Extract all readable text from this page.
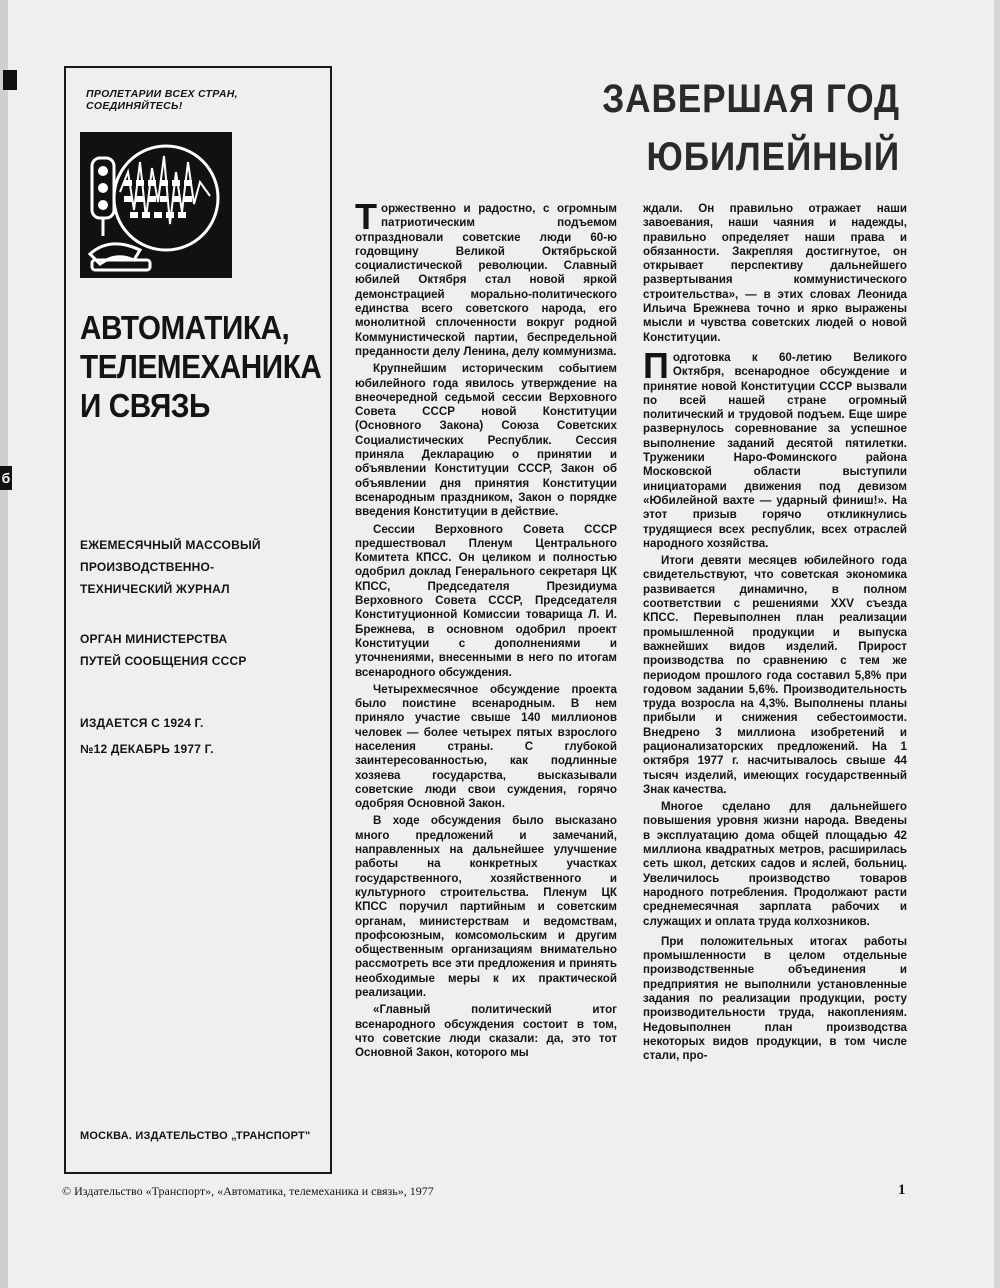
б
ПРОЛЕТАРИИ ВСЕХ СТРАН, СОЕДИНЯЙТЕСЬ!
АВТОМАТИКА,
ТЕЛЕМЕХАНИКА
И СВЯЗЬ
ЕЖЕМЕСЯЧНЫЙ МАССОВЫЙ
ПРОИЗВОДСТВЕННО-
ТЕХНИЧЕСКИЙ ЖУРНАЛ
ОРГАН МИНИСТЕРСТВА
ПУТЕЙ СООБЩЕНИЯ СССР
ИЗДАЕТСЯ С 1924 Г.
№12 ДЕКАБРЬ 1977 Г.
МОСКВА. ИЗДАТЕЛЬСТВО „ТРАНСПОРТ"
ЗАВЕРШАЯ ГОД
ЮБИЛЕЙНЫЙ

Торжественно и радостно, с огромным патриотическим подъемом отпраздновали советские люди 60-ю годовщину Великой Октябрьской социалистической революции. Славный юбилей Октября стал новой яркой демонстрацией морально-политического единства всего советского народа, его монолитной сплоченности вокруг родной Коммунистической партии, беспредельной преданности делу Ленина, делу коммунизма.

Крупнейшим историческим событием юбилейного года явилось утверждение на внеочередной седьмой сессии Верховного Совета СССР новой Конституции (Основного Закона) Союза Советских Социалистических Республик. Сессия приняла Декларацию о принятии и объявлении Конституции СССР, Закон об объявлении дня принятия Конституции всенародным праздником, Закон о порядке введения Конституции в действие.

Сессии Верховного Совета СССР предшествовал Пленум Центрального Комитета КПСС. Он целиком и полностью одобрил доклад Генерального секретаря ЦК КПСС, Председателя Президиума Верховного Совета СССР, Председателя Конституционной Комиссии товарища Л. И. Брежнева, в основном одобрил проект Конституции с дополнениями и уточнениями, внесенными в него по итогам всенародного обсуждения.

Четырехмесячное обсуждение проекта было поистине всенародным. В нем приняло участие свыше 140 миллионов человек — более четырех пятых взрослого населения страны. С глубокой заинтересованностью, как подлинные хозяева государства, высказывали советские люди свои суждения, горячо одобряя Основной Закон.

В ходе обсуждения было высказано много предложений и замечаний, направленных на дальнейшее улучшение работы на конкретных участках государственного, хозяйственного и культурного строительства. Пленум ЦК КПСС поручил партийным и советским органам, министерствам и ведомствам, профсоюзным, комсомольским и другим общественным организациям внимательно рассмотреть все эти предложения и принять необходимые меры к их практической реализации.

«Главный политический итог всенародного обсуждения состоит в том, что советские люди сказали: да, это тот Основной Закон, которого мы

ждали. Он правильно отражает наши завоевания, наши чаяния и надежды, правильно определяет наши права и обязанности. Закрепляя достигнутое, он открывает перспективу дальнейшего развертывания коммунистического строительства», — в этих словах Леонида Ильича Брежнева точно и ярко выражены мысли и чувства советских людей о новой Конституции.

Подготовка к 60-летию Великого Октября, всенародное обсуждение и принятие новой Конституции СССР вызвали по всей нашей стране огромный политический и трудовой подъем. Еще шире развернулось соревнование за успешное выполнение заданий десятой пятилетки. Труженики Наро-Фоминского района Московской области выступили инициаторами движения под девизом «Юбилейной вахте — ударный финиш!». На этот призыв горячо откликнулись трудящиеся всех республик, всех отраслей народного хозяйства.

Итоги девяти месяцев юбилейного года свидетельствуют, что советская экономика развивается динамично, в полном соответствии с решениями XXV съезда КПСС. Перевыполнен план реализации промышленной продукции и выпуска важнейших видов изделий. Прирост производства по сравнению с тем же периодом прошлого года составил 5,8% при годовом задании 5,6%. Производительность труда возросла на 4,3%. Выполнены планы прибыли и снижения себестоимости. Внедрено 3 миллиона изобретений и рационализаторских предложений. На 1 октября 1977 г. насчитывалось свыше 44 тысяч изделий, имеющих государственный Знак качества.

Многое сделано для дальнейшего повышения уровня жизни народа. Введены в эксплуатацию дома общей площадью 42 миллиона квадратных метров, расширилась сеть школ, детских садов и яслей, больниц. Увеличилось производство товаров народного потребления. Продолжают расти среднемесячная зарплата рабочих и служащих и оплата труда колхозников.

При положительных итогах работы промышленности в целом отдельные производственные объединения и предприятия не выполнили установленные задания по реализации продукции, росту производительности труда, накоплениям. Недовыполнен план производства некоторых видов продукции, в том числе стали, про-

© Издательство «Транспорт», «Автоматика, телемеханика и связь», 1977	1
